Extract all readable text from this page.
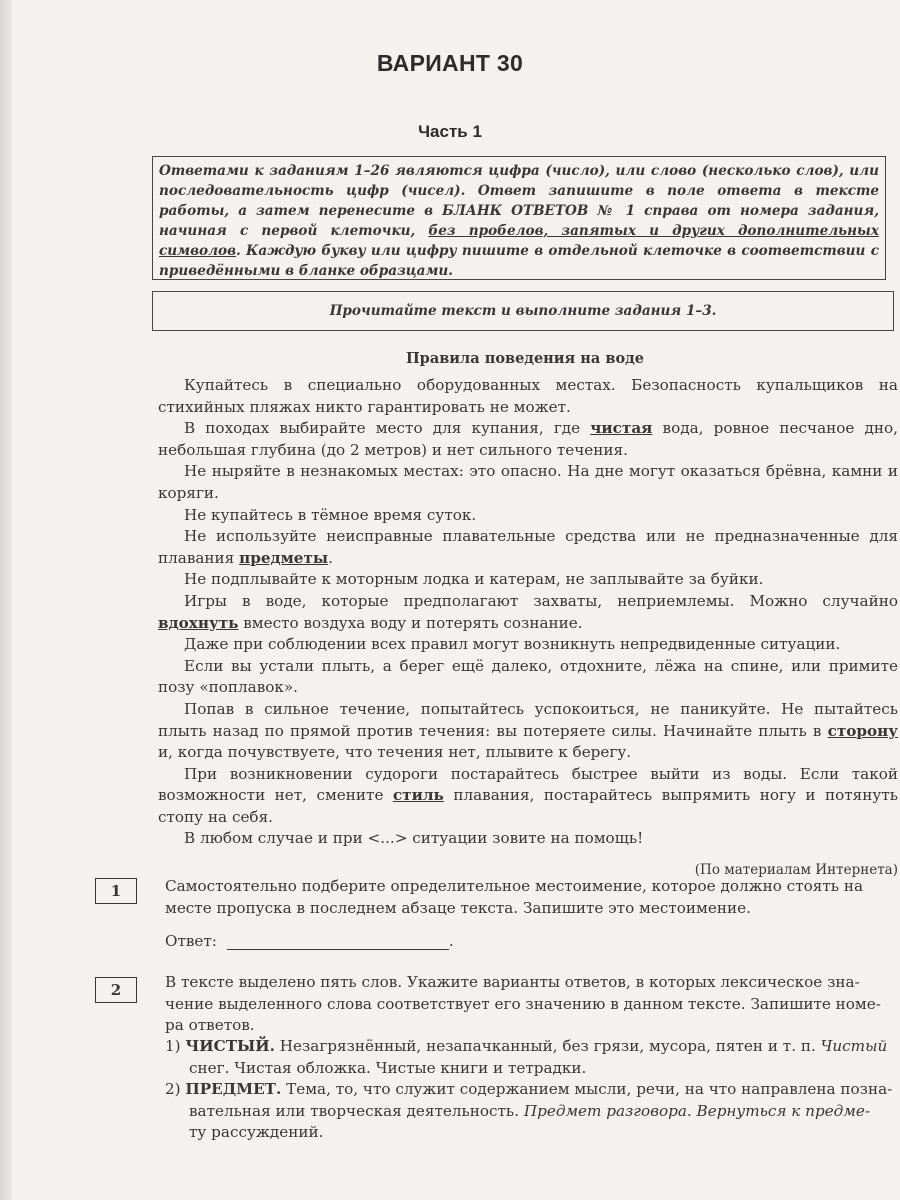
ВАРИАНТ 30
Часть 1
Ответами к заданиям 1–26 являются цифра (число), или слово (несколько слов), или последовательность цифр (чисел). Ответ запишите в поле ответа в тексте работы, а затем перенесите в БЛАНК ОТВЕТОВ № 1 справа от номера задания, начиная с первой клеточки, без пробелов, запятых и других дополнительных символов. Каждую букву или цифру пишите в отдельной клеточке в соответствии с приведёнными в бланке образцами.
Прочитайте текст и выполните задания 1–3.
Правила поведения на воде

Купайтесь в специально оборудованных местах. Безопасность купальщиков на стихийных пляжах никто гарантировать не может.

В походах выбирайте место для купания, где чистая вода, ровное песчаное дно, небольшая глубина (до 2 метров) и нет сильного течения.

Не ныряйте в незнакомых местах: это опасно. На дне могут оказаться брёвна, камни и коряги.

Не купайтесь в тёмное время суток.

Не используйте неисправные плавательные средства или не предназначенные для плавания предметы.

Не подплывайте к моторным лодка и катерам, не заплывайте за буйки.

Игры в воде, которые предполагают захваты, неприемлемы. Можно случайно вдохнуть вместо воздуха воду и потерять сознание.

Даже при соблюдении всех правил могут возникнуть непредвиденные ситуации.

Если вы устали плыть, а берег ещё далеко, отдохните, лёжа на спине, или примите позу «поплавок».

Попав в сильное течение, попытайтесь успокоиться, не паникуйте. Не пытайтесь плыть назад по прямой против течения: вы потеряете силы. Начинайте плыть в сторону и, когда почувствуете, что течения нет, плывите к берегу.

При возникновении судороги постарайтесь быстрее выйти из воды. Если такой возможности нет, смените стиль плавания, постарайтесь выпрямить ногу и потянуть стопу на себя.

В любом случае и при <...> ситуации зовите на помощь!

(По материалам Интернета)
1	Самостоятельно подберите определительное местоимение, которое должно стоять на
месте пропуска в последнем абзаце текста. Запишите это местоимение.
Ответ:	.
2	В тексте выделено пять слов. Укажите варианты ответов, в которых лексическое зна-
чение выделенного слова соответствует его значению в данном тексте. Запишите номе-
ра ответов.
1) ЧИСТЫЙ. Незагрязнённый, незапачканный, без грязи, мусора, пятен и т. п. Чистый
снег. Чистая обложка. Чистые книги и тетрадки.
2) ПРЕДМЕТ. Тема, то, что служит содержанием мысли, речи, на что направлена позна-
вательная или творческая деятельность. Предмет разговора. Вернуться к предме-
ту рассуждений.
